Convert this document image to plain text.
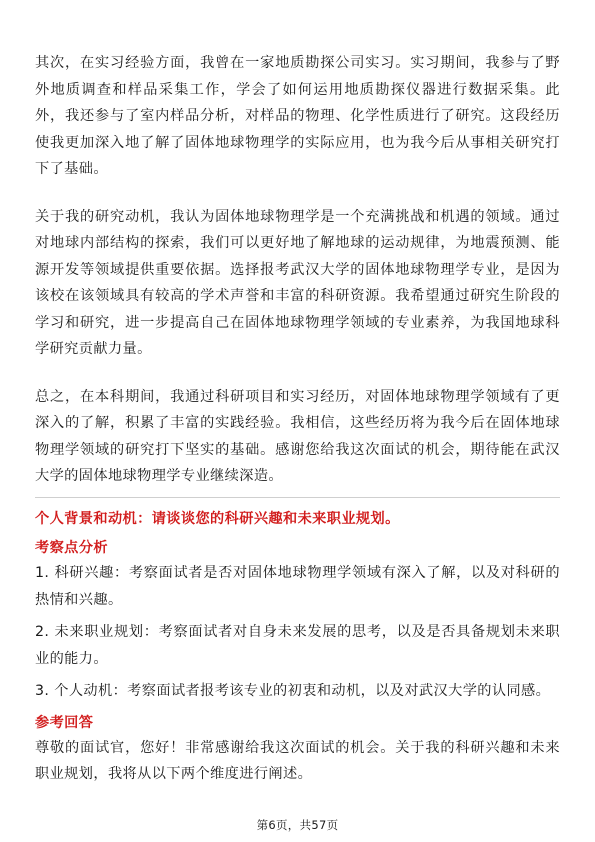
其次，在实习经验方面，我曾在一家地质勘探公司实习。实习期间，我参与了野外地质调查和样品采集工作，学会了如何运用地质勘探仪器进行数据采集。此外，我还参与了室内样品分析，对样品的物理、化学性质进行了研究。这段经历使我更加深入地了解了固体地球物理学的实际应用，也为我今后从事相关研究打下了基础。

关于我的研究动机，我认为固体地球物理学是一个充满挑战和机遇的领域。通过对地球内部结构的探索，我们可以更好地了解地球的运动规律，为地震预测、能源开发等领域提供重要依据。选择报考武汉大学的固体地球物理学专业，是因为该校在该领域具有较高的学术声誉和丰富的科研资源。我希望通过研究生阶段的学习和研究，进一步提高自己在固体地球物理学领域的专业素养，为我国地球科学研究贡献力量。

总之，在本科期间，我通过科研项目和实习经历，对固体地球物理学领域有了更深入的了解，积累了丰富的实践经验。我相信，这些经历将为我今后在固体地球物理学领域的研究打下坚实的基础。感谢您给我这次面试的机会，期待能在武汉大学的固体地球物理学专业继续深造。

个人背景和动机：请谈谈您的科研兴趣和未来职业规划。

考察点分析

1. 科研兴趣：考察面试者是否对固体地球物理学领域有深入了解，以及对科研的热情和兴趣。

2. 未来职业规划：考察面试者对自身未来发展的思考，以及是否具备规划未来职业的能力。

3. 个人动机：考察面试者报考该专业的初衷和动机，以及对武汉大学的认同感。

参考回答

尊敬的面试官，您好！非常感谢给我这次面试的机会。关于我的科研兴趣和未来职业规划，我将从以下两个维度进行阐述。

第6页，共57页
